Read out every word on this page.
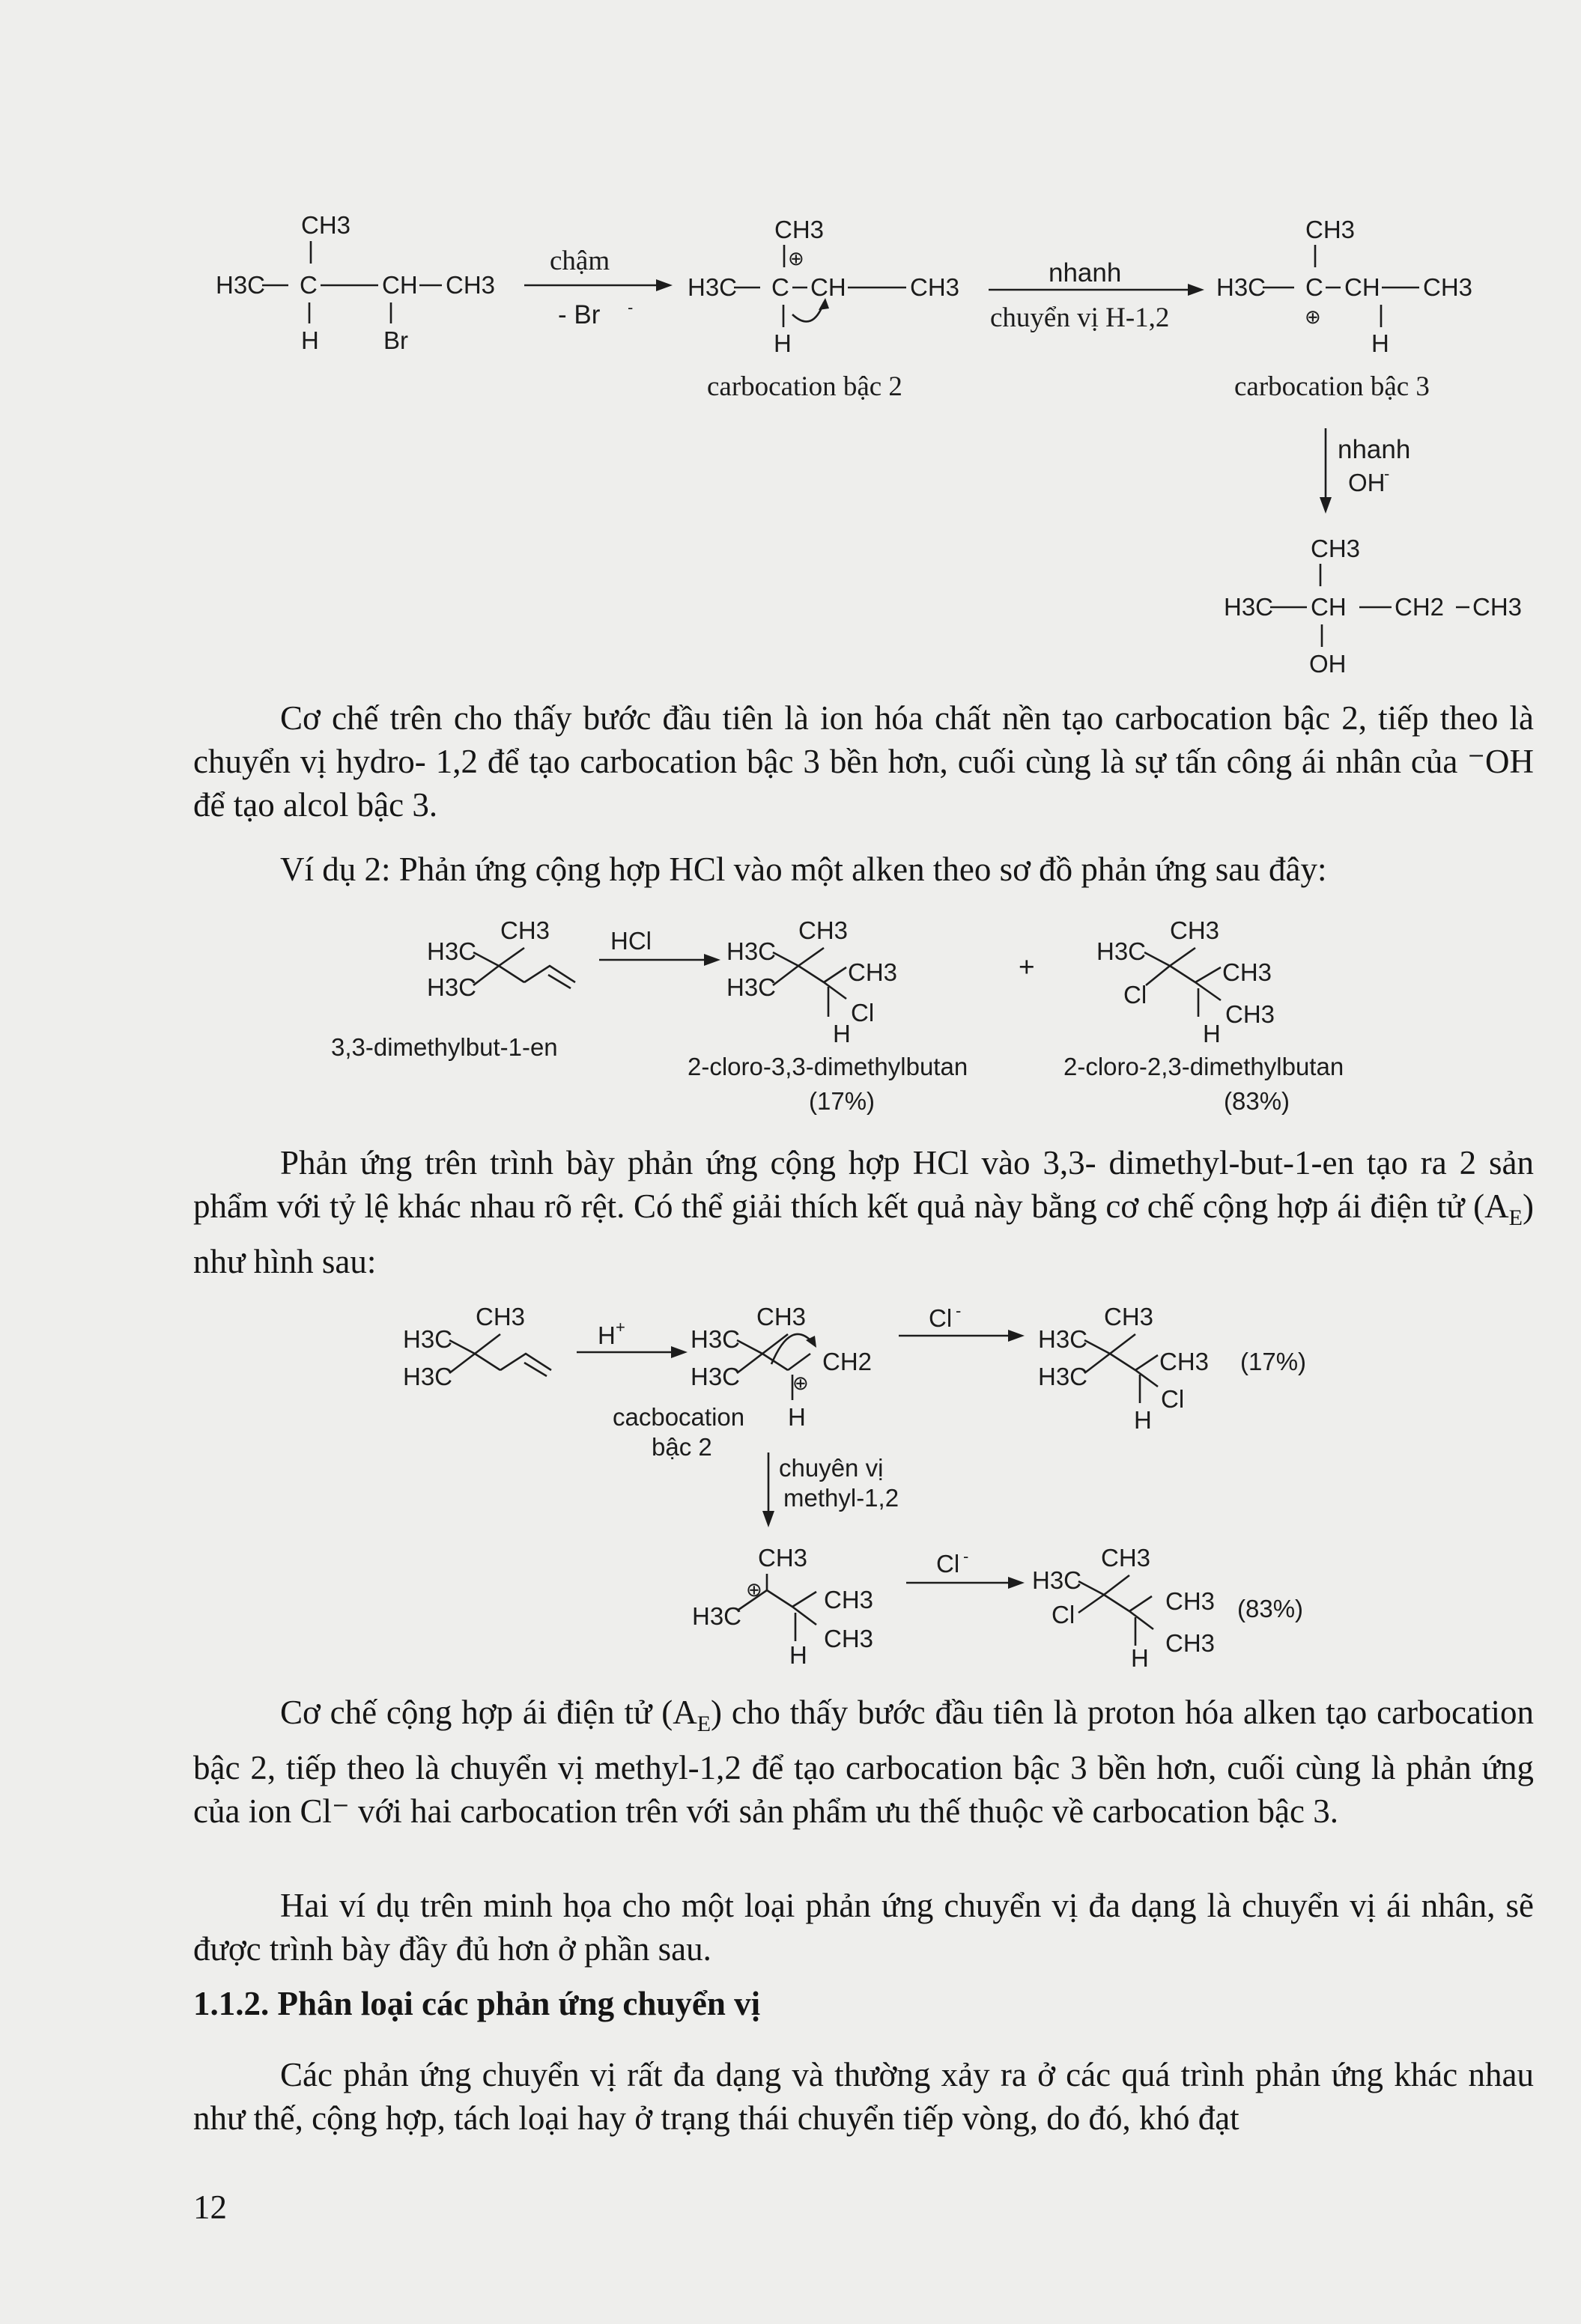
CH3
H3C C	CH CH3
H	Br
chậm
- Br -
CH3
⊕
H3C C CH	CH3
H
carbocation bậc 2
nhanh
chuyển vị H-1,2
CH3
H3C C CH CH3
⊕
H
carbocation bậc 3
nhanh
OH
-
CH3
H3C CH CH2 CH3
OH
CH3
H3C
H3C
3,3-dimethylbut-1-en
HCl	CH3
H3C
H3C
CH3
Cl
H
2-cloro-3,3-dimethylbutan
(17%)
+
CH3
H3C
Cl
CH3
CH3
H
2-cloro-2,3-dimethylbutan
(83%)
CH3
H3C
H3C
H +	CH3
H3C
H3C
CH2
⊕
H
cacbocation
bậc 2
Cl -	CH3
H3C
H3C
CH3
Cl
H
(17%)
chuyên vị
methyl-1,2
CH3
H3C
⊕ CH3
CH3
H
Cl -	CH3
H3C
Cl	CH3
CH3
H
(83%)

Cơ chế trên cho thấy bước đầu tiên là ion hóa chất nền tạo carbocation bậc 2, tiếp theo là chuyển vị hydro- 1,2 để tạo carbocation bậc 3 bền hơn, cuối cùng là sự tấn công ái nhân của ⁻OH để tạo alcol bậc 3.

Ví dụ 2: Phản ứng cộng hợp HCl vào một alken theo sơ đồ phản ứng sau đây:

Phản ứng trên trình bày phản ứng cộng hợp HCl vào 3,3- dimethyl-but-1-en tạo ra 2 sản phẩm với tỷ lệ khác nhau rõ rệt. Có thể giải thích kết quả này bằng cơ chế cộng hợp ái điện tử $(A_E)$ như hình sau:

Cơ chế cộng hợp ái điện tử $(A_E)$ cho thấy bước đầu tiên là proton hóa alken tạo carbocation bậc 2, tiếp theo là chuyển vị methyl-1,2 để tạo carbocation bậc 3 bền hơn, cuối cùng là phản ứng của ion Cl⁻ với hai carbocation trên với sản phẩm ưu thế thuộc về carbocation bậc 3.

Hai ví dụ trên minh họa cho một loại phản ứng chuyển vị đa dạng là chuyển vị ái nhân, sẽ được trình bày đầy đủ hơn ở phần sau.

1.1.2. Phân loại các phản ứng chuyển vị

Các phản ứng chuyển vị rất đa dạng và thường xảy ra ở các quá trình phản ứng khác nhau như thế, cộng hợp, tách loại hay ở trạng thái chuyển tiếp vòng, do đó, khó đạt

12
